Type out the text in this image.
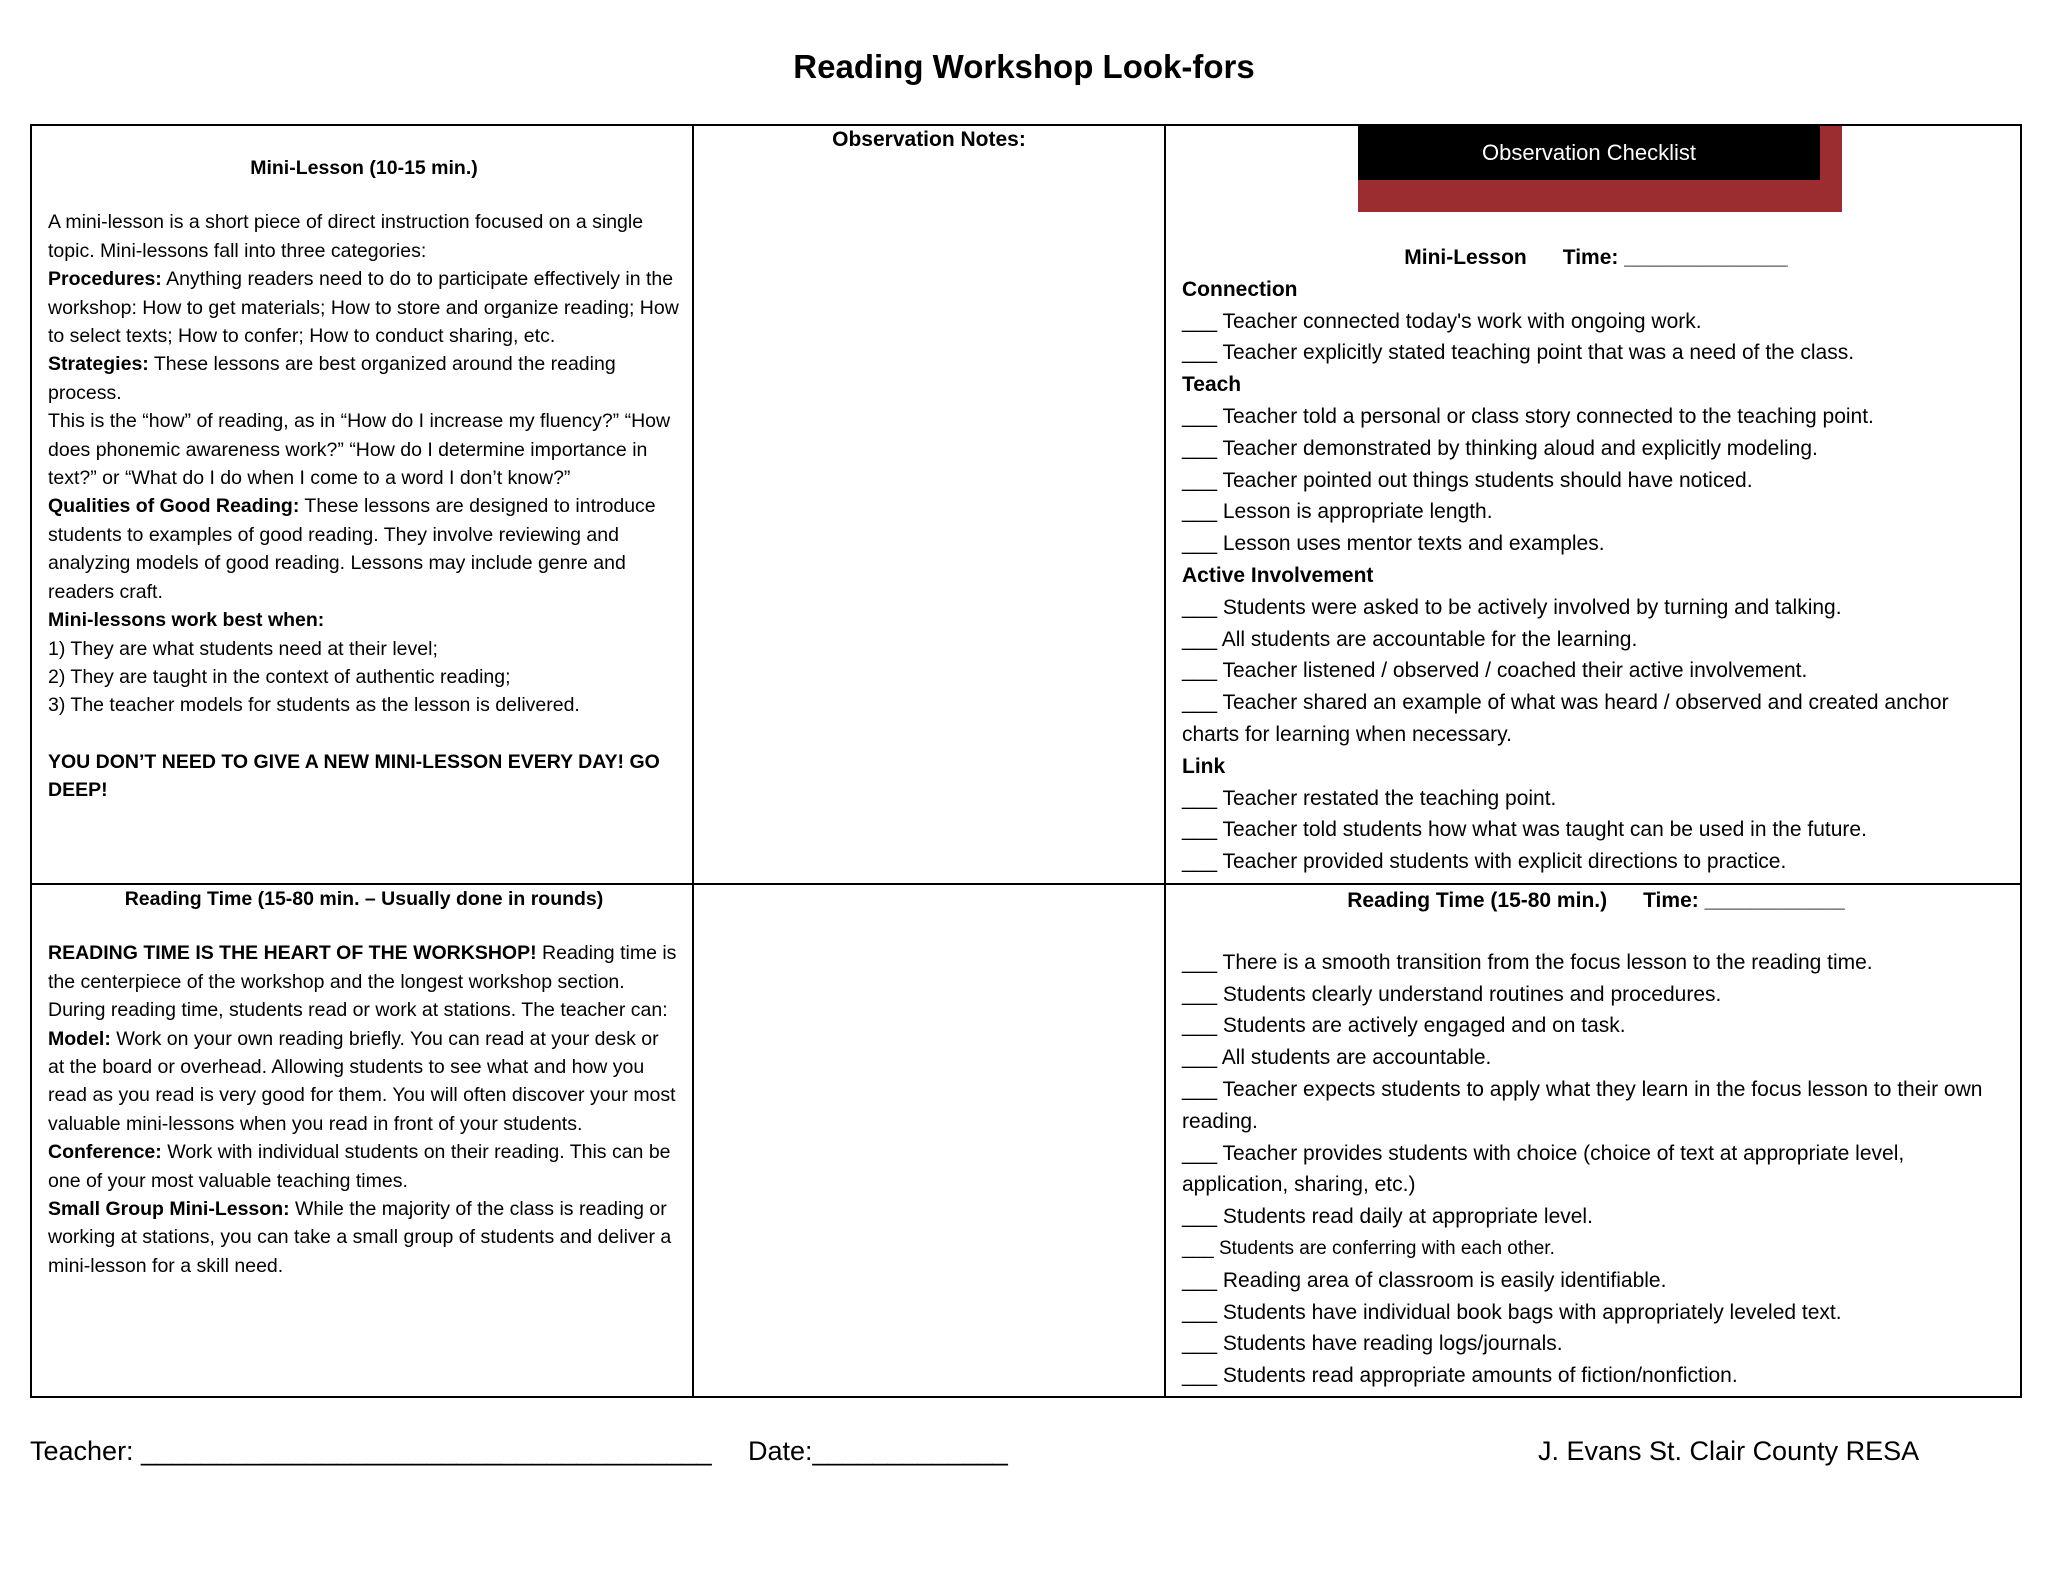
Reading Workshop Look-fors
Mini-Lesson (10-15 min.)

A mini-lesson is a short piece of direct instruction focused on a single topic. Mini-lessons fall into three categories:

Procedures: Anything readers need to do to participate effectively in the workshop: How to get materials; How to store and organize reading; How to select texts; How to confer; How to conduct sharing, etc.

Strategies: These lessons are best organized around the reading process.

This is the “how” of reading, as in “How do I increase my fluency?” “How does phonemic awareness work?” “How do I determine importance in text?” or “What do I do when I come to a word I don’t know?”

Qualities of Good Reading: These lessons are designed to introduce students to examples of good reading. They involve reviewing and analyzing models of good reading. Lessons may include genre and readers craft.

Mini-lessons work best when:

1) They are what students need at their level;

2) They are taught in the context of authentic reading;

3) The teacher models for students as the lesson is delivered.

YOU DON’T NEED TO GIVE A NEW MINI-LESSON EVERY DAY! GO DEEP!

Observation Notes:
Observation Checklist
Mini-Lesson Time: ______________
Connection

___ Teacher connected today's work with ongoing work.

___ Teacher explicitly stated teaching point that was a need of the class.

Teach

___ Teacher told a personal or class story connected to the teaching point.

___ Teacher demonstrated by thinking aloud and explicitly modeling.

___ Teacher pointed out things students should have noticed.

___ Lesson is appropriate length.

___ Lesson uses mentor texts and examples.

Active Involvement

___ Students were asked to be actively involved by turning and talking.

___ All students are accountable for the learning.

___ Teacher listened / observed / coached their active involvement.

___ Teacher shared an example of what was heard / observed and created anchor charts for learning when necessary.

Link

___ Teacher restated the teaching point.

___ Teacher told students how what was taught can be used in the future.

___ Teacher provided students with explicit directions to practice.

Reading Time (15-80 min. – Usually done in rounds)

READING TIME IS THE HEART OF THE WORKSHOP! Reading time is the centerpiece of the workshop and the longest workshop section. During reading time, students read or work at stations. The teacher can:

Model: Work on your own reading briefly. You can read at your desk or at the board or overhead. Allowing students to see what and how you read as you read is very good for them. You will often discover your most valuable mini-lessons when you read in front of your students.

Conference: Work with individual students on their reading. This can be one of your most valuable teaching times.

Small Group Mini-Lesson: While the majority of the class is reading or working at stations, you can take a small group of students and deliver a mini-lesson for a skill need.

Reading Time (15-80 min.) Time: ____________

___ There is a smooth transition from the focus lesson to the reading time.

___ Students clearly understand routines and procedures.

___ Students are actively engaged and on task.

___ All students are accountable.

___ Teacher expects students to apply what they learn in the focus lesson to their own reading.

___ Teacher provides students with choice (choice of text at appropriate level, application, sharing, etc.)

___ Students read daily at appropriate level.

___ Students are conferring with each other.

___ Reading area of classroom is easily identifiable.

___ Students have individual book bags with appropriately leveled text.

___ Students have reading logs/journals.

___ Students read appropriate amounts of fiction/nonfiction.

Teacher: ______________________________________ Date:_____________	J. Evans St. Clair County RESA
